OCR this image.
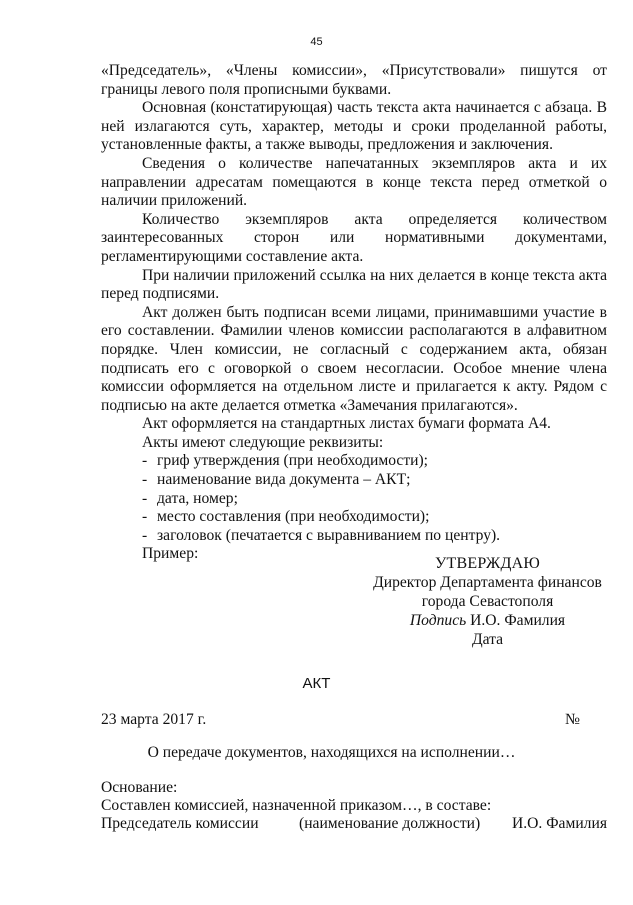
45

«Председатель», «Члены комиссии», «Присутствовали» пишутся от границы левого поля прописными буквами.

Основная (констатирующая) часть текста акта начинается с абзаца. В ней излагаются суть, характер, методы и сроки проделанной работы, установленные факты, а также выводы, предложения и заключения.

Сведения о количестве напечатанных экземпляров акта и их направлении адресатам помещаются в конце текста перед отметкой о наличии приложений.

Количество экземпляров акта определяется количеством заинтересованных сторон или нормативными документами, регламентирующими составление акта.

При наличии приложений ссылка на них делается в конце текста акта перед подписями.

Акт должен быть подписан всеми лицами, принимавшими участие в его составлении. Фамилии членов комиссии располагаются в алфавитном порядке. Член комиссии, не согласный с содержанием акта, обязан подписать его с оговоркой о своем несогласии. Особое мнение члена комиссии оформляется на отдельном листе и прилагается к акту. Рядом с подписью на акте делается отметка «Замечания прилагаются».

Акт оформляется на стандартных листах бумаги формата А4.

Акты имеют следующие реквизиты:

- гриф утверждения (при необходимости);
- наименование вида документа – АКТ;
- дата, номер;
- место составления (при необходимости);
- заголовок (печатается с выравниванием по центру).

Пример:

УТВЕРЖДАЮ
Директор Департамента финансов
города Севастополя
Подпись И.О. Фамилия
Дата
АКТ
23 марта 2017 г.	№
О передаче документов, находящихся на исполнении…
Основание:
Составлен комиссией, назначенной приказом…, в составе:
Председатель комиссии	(наименование должности) И.О. Фамилия
